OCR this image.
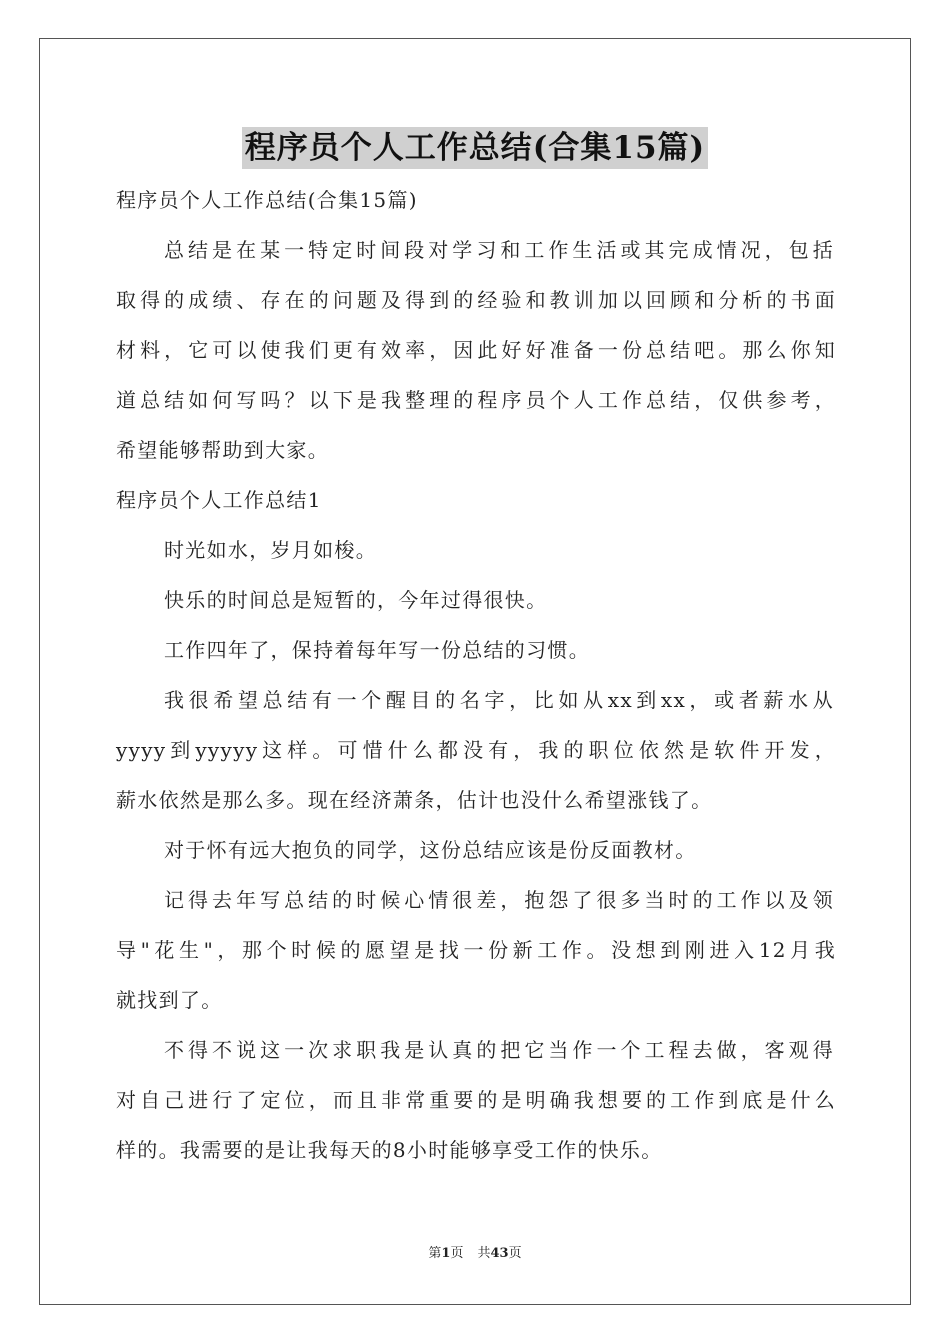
程序员个人工作总结(合集15篇)
程序员个人工作总结(合集15篇)
总结是在某一特定时间段对学习和工作生活或其完成情况，包括
取得的成绩、存在的问题及得到的经验和教训加以回顾和分析的书面
材料，它可以使我们更有效率，因此好好准备一份总结吧。那么你知
道总结如何写吗？以下是我整理的程序员个人工作总结，仅供参考，
希望能够帮助到大家。
程序员个人工作总结1
时光如水，岁月如梭。
快乐的时间总是短暂的，今年过得很快。
工作四年了，保持着每年写一份总结的习惯。
我很希望总结有一个醒目的名字，比如从xx到xx，或者薪水从
yyyy到yyyyy这样。可惜什么都没有，我的职位依然是软件开发，
薪水依然是那么多。现在经济萧条，估计也没什么希望涨钱了。
对于怀有远大抱负的同学，这份总结应该是份反面教材。
记得去年写总结的时候心情很差，抱怨了很多当时的工作以及领
导"花生"，那个时候的愿望是找一份新工作。没想到刚进入12月我
就找到了。
不得不说这一次求职我是认真的把它当作一个工程去做，客观得
对自己进行了定位，而且非常重要的是明确我想要的工作到底是什么
样的。我需要的是让我每天的8小时能够享受工作的快乐。
第1页 共43页
